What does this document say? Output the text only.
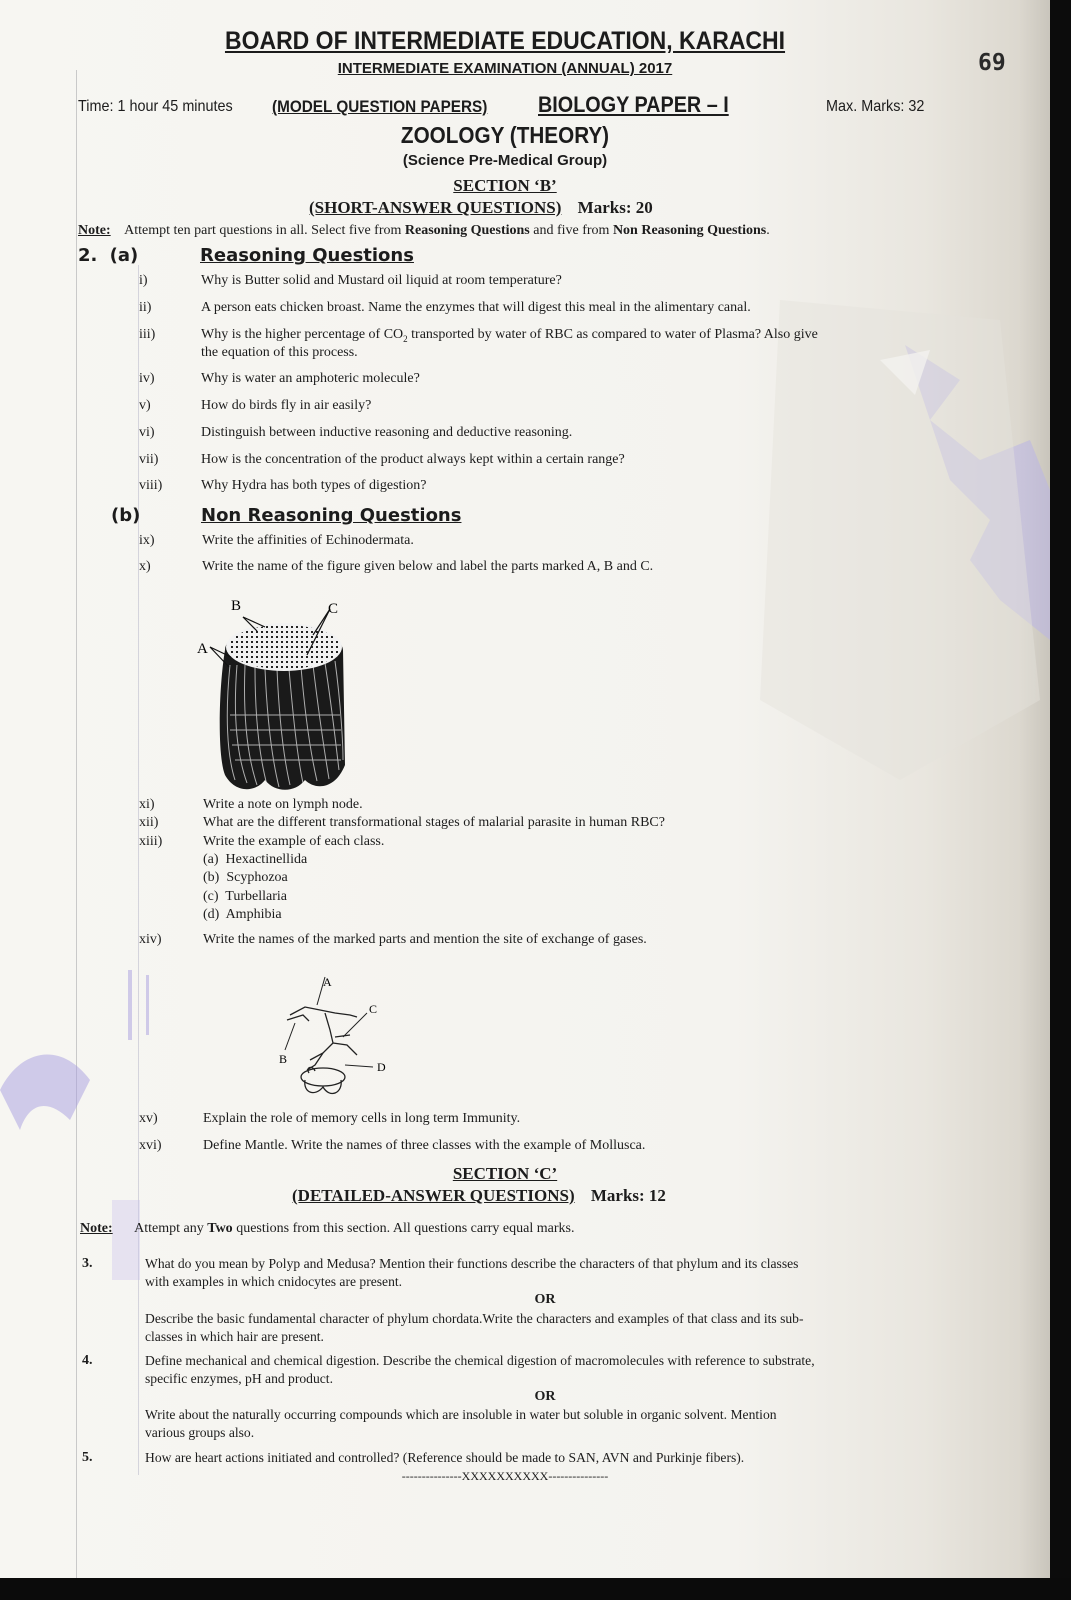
BOARD OF INTERMEDIATE EDUCATION, KARACHI
INTERMEDIATE EXAMINATION (ANNUAL) 2017	69
Time: 1 hour 45 minutes (MODEL QUESTION PAPERS) BIOLOGY PAPER – I	Max. Marks: 32
ZOOLOGY (THEORY)
(Science Pre-Medical Group)
SECTION ‘B’
(SHORT-ANSWER QUESTIONS) Marks: 20
Note: Attempt ten part questions in all. Select five from Reasoning Questions and five from Non Reasoning Questions.
2. (a)	Reasoning Questions
i)	Why is Butter solid and Mustard oil liquid at room temperature?
ii)	A person eats chicken broast. Name the enzymes that will digest this meal in the alimentary canal.
iii)	Why is the higher percentage of $CO_2$ transported by water of RBC as compared to water of Plasma? Also give
the equation of this process.
iv)	Why is water an amphoteric molecule?
v)	How do birds fly in air easily?
vi)	Distinguish between inductive reasoning and deductive reasoning.
vii)	How is the concentration of the product always kept within a certain range?
viii)	Why Hydra has both types of digestion?
(b)	Non Reasoning Questions
ix)	Write the affinities of Echinodermata.
x)	Write the name of the figure given below and label the parts marked A, B and C.
B	C
A
xi)	Write a note on lymph node.
xii)	What are the different transformational stages of malarial parasite in human RBC?
xiii)	Write the example of each class.
(a) Hexactinellida
(b) Scyphozoa
(c) Turbellaria
(d) Amphibia
xiv)	Write the names of the marked parts and mention the site of exchange of gases.
A
C
B
D
xv)	Explain the role of memory cells in long term Immunity.
xvi)	Define Mantle. Write the names of three classes with the example of Mollusca.
SECTION ‘C’
(DETAILED-ANSWER QUESTIONS) Marks: 12
Note: Attempt any Two questions from this section. All questions carry equal marks.
3.	What do you mean by Polyp and Medusa? Mention their functions describe the characters of that phylum and its classes
with examples in which cnidocytes are present.
OR
Describe the basic fundamental character of phylum chordata.Write the characters and examples of that class and its sub-
classes in which hair are present.
4.	Define mechanical and chemical digestion. Describe the chemical digestion of macromolecules with reference to substrate,
specific enzymes, pH and product.
OR
Write about the naturally occurring compounds which are insoluble in water but soluble in organic solvent. Mention
various groups also.
5.	How are heart actions initiated and controlled? (Reference should be made to SAN, AVN and Purkinje fibers).
---------------XXXXXXXXXX---------------
